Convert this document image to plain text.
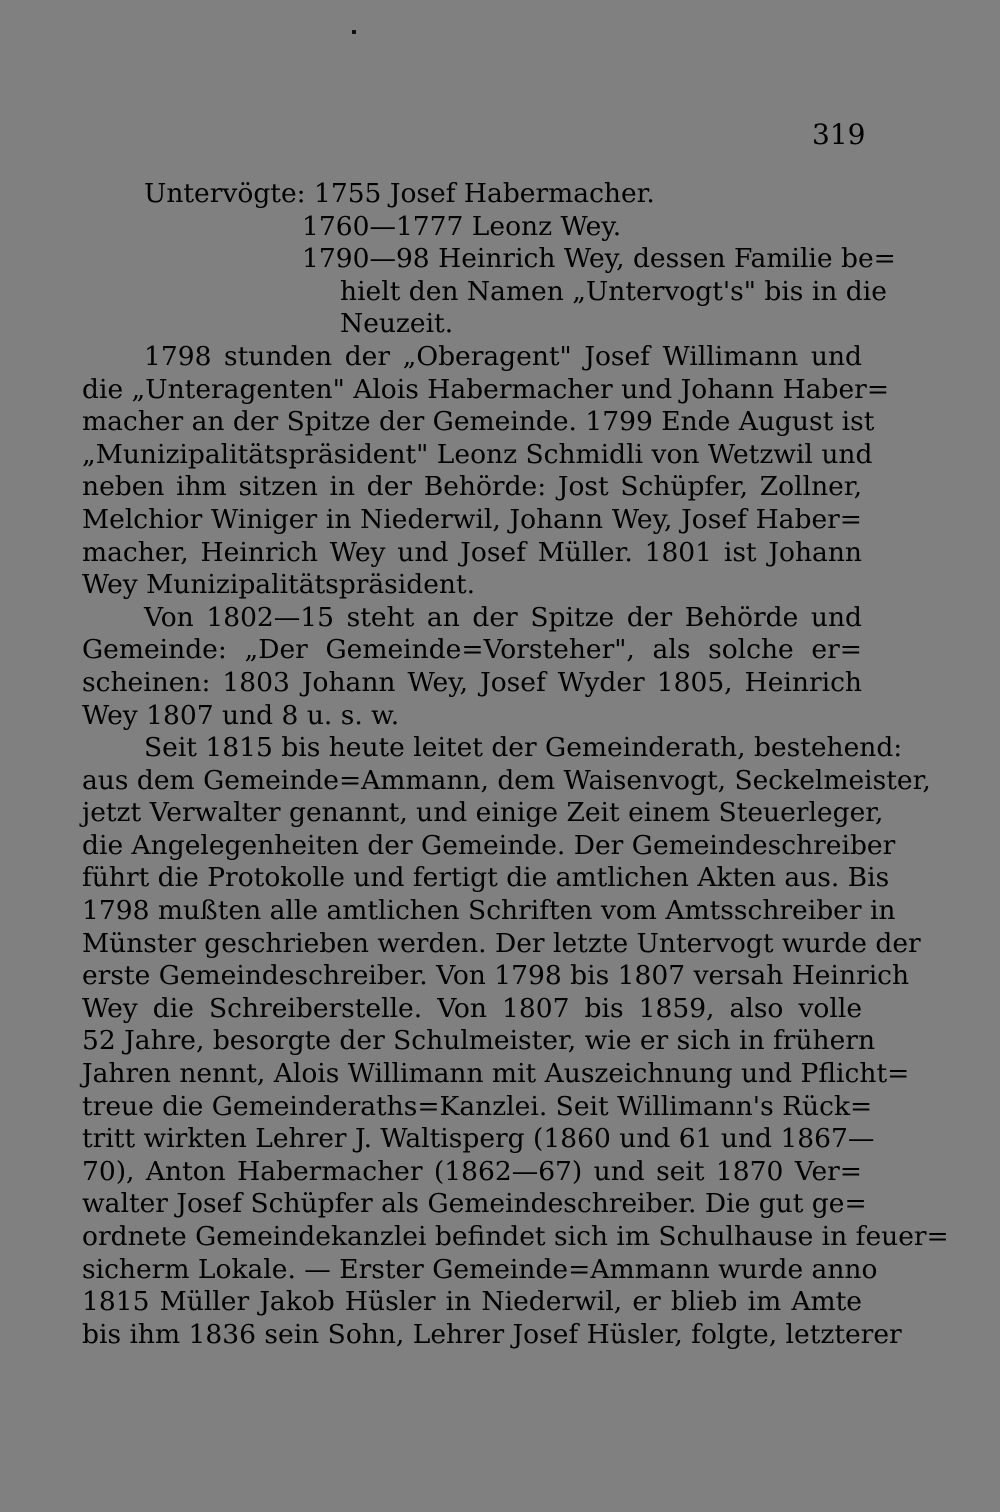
319
Untervögte: 1755 Josef Habermacher.
1760—1777 Leonz Wey.
1790—98 Heinrich Wey, dessen Familie be=
hielt den Namen „Untervogt's" bis in die
Neuzeit.
1798 stunden der „Oberagent" Josef Willimann und
die „Unteragenten" Alois Habermacher und Johann Haber=
macher an der Spitze der Gemeinde. 1799 Ende August ist
„Munizipalitätspräsident" Leonz Schmidli von Wetzwil und
neben ihm sitzen in der Behörde: Jost Schüpfer, Zollner,
Melchior Winiger in Niederwil, Johann Wey, Josef Haber=
macher, Heinrich Wey und Josef Müller. 1801 ist Johann
Wey Munizipalitätspräsident.
Von 1802—15 steht an der Spitze der Behörde und
Gemeinde: „Der Gemeinde=Vorsteher", als solche er=
scheinen: 1803 Johann Wey, Josef Wyder 1805, Heinrich
Wey 1807 und 8 u. s. w.
Seit 1815 bis heute leitet der Gemeinderath, bestehend:
aus dem Gemeinde=Ammann, dem Waisenvogt, Seckelmeister,
jetzt Verwalter genannt, und einige Zeit einem Steuerleger,
die Angelegenheiten der Gemeinde. Der Gemeindeschreiber
führt die Protokolle und fertigt die amtlichen Akten aus. Bis
1798 mußten alle amtlichen Schriften vom Amtsschreiber in
Münster geschrieben werden. Der letzte Untervogt wurde der
erste Gemeindeschreiber. Von 1798 bis 1807 versah Heinrich
Wey die Schreiberstelle. Von 1807 bis 1859, also volle
52 Jahre, besorgte der Schulmeister, wie er sich in frühern
Jahren nennt, Alois Willimann mit Auszeichnung und Pflicht=
treue die Gemeinderaths=Kanzlei. Seit Willimann's Rück=
tritt wirkten Lehrer J. Waltisperg (1860 und 61 und 1867—
70), Anton Habermacher (1862—67) und seit 1870 Ver=
walter Josef Schüpfer als Gemeindeschreiber. Die gut ge=
ordnete Gemeindekanzlei befindet sich im Schulhause in feuer=
sicherm Lokale. — Erster Gemeinde=Ammann wurde anno
1815 Müller Jakob Hüsler in Niederwil, er blieb im Amte
bis ihm 1836 sein Sohn, Lehrer Josef Hüsler, folgte, letzterer
